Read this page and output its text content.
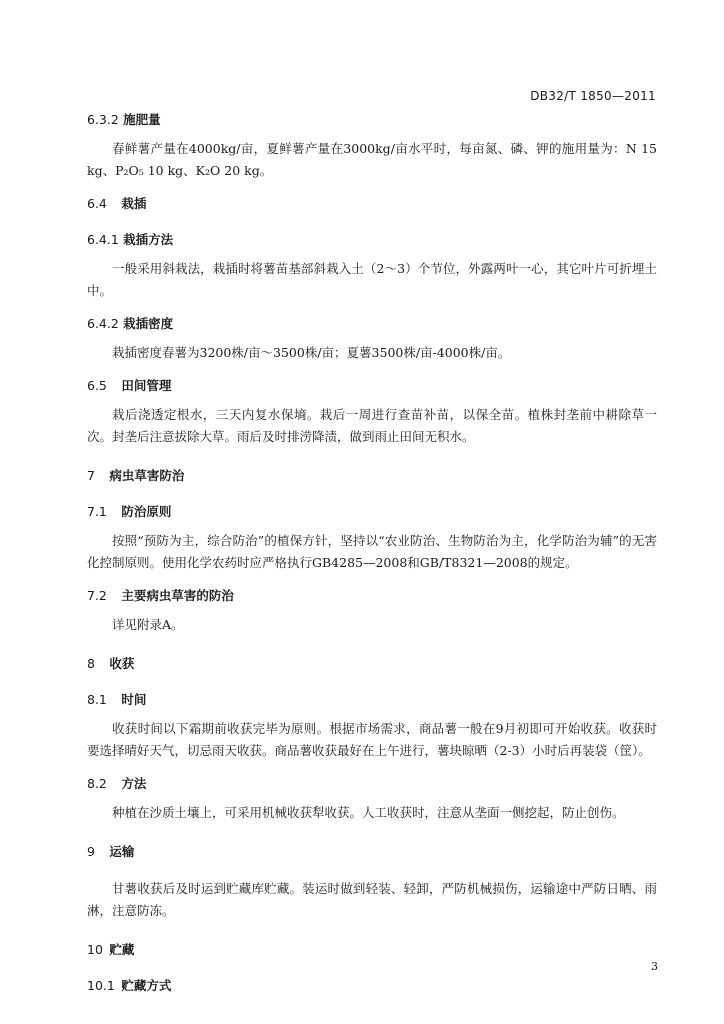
DB32/T 1850—2011
6.3.2 施肥量

春鲜薯产量在4000kg/亩，夏鲜薯产量在3000kg/亩水平时，每亩氮、磷、钾的施用量为：N 15 kg、P₂O₅ 10 kg、K₂O 20 kg。

6.4 栽插
6.4.1 栽插方法

一般采用斜栽法，栽插时将薯苗基部斜栽入土（2～3）个节位，外露两叶一心，其它叶片可折埋土中。

6.4.2 栽插密度

栽插密度春薯为3200株/亩～3500株/亩；夏薯3500株/亩-4000株/亩。

6.5 田间管理

栽后浇透定根水，三天内复水保墒。栽后一周进行查苗补苗，以保全苗。植株封垄前中耕除草一次。封垄后注意拔除大草。雨后及时排涝降渍，做到雨止田间无积水。

7 病虫草害防治
7.1 防治原则

按照“预防为主，综合防治”的植保方针，坚持以“农业防治、生物防治为主，化学防治为辅”的无害化控制原则。使用化学农药时应严格执行GB4285—2008和GB/T8321—2008的规定。

7.2 主要病虫草害的防治

详见附录A。

8 收获
8.1 时间

收获时间以下霜期前收获完毕为原则。根据市场需求，商品薯一般在9月初即可开始收获。收获时要选择晴好天气，切忌雨天收获。商品薯收获最好在上午进行，薯块晾晒（2-3）小时后再装袋（筐）。

8.2 方法

种植在沙质土壤上，可采用机械收获犁收获。人工收获时，注意从垄面一侧挖起，防止创伤。

9 运输

甘薯收获后及时运到贮藏库贮藏。装运时做到轻装、轻卸，严防机械损伤，运输途中严防日晒、雨淋，注意防冻。

10 贮藏
10.1 贮藏方式
3
